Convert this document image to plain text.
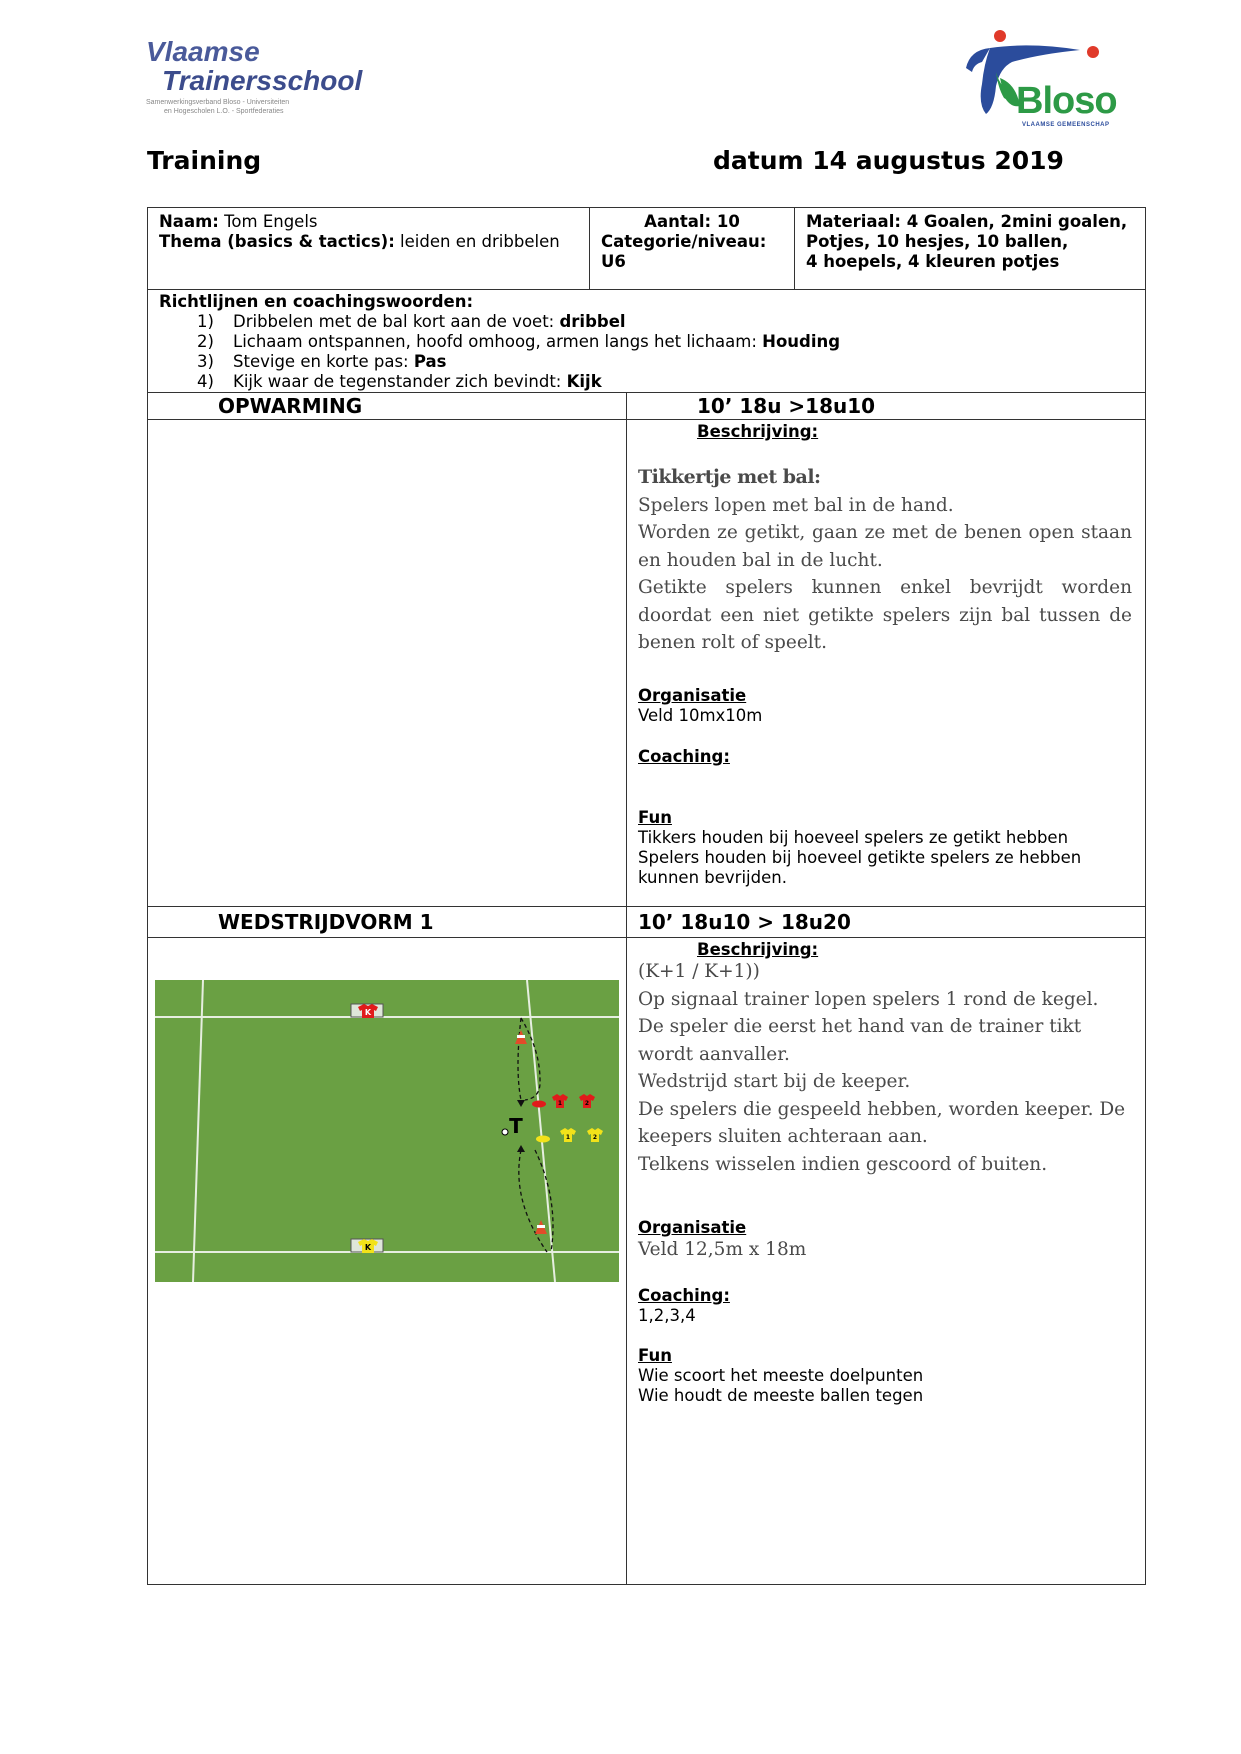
Vlaamse
Trainersschool
Samenwerkingsverband Bloso - Universiteiten
en Hogescholen L.O. - Sportfederaties	Bloso
VLAAMSE GEMEENSCHAP
Training	datum 14 augustus 2019
Naam: Tom Engels
Thema (basics & tactics): leiden en dribbelen

Aantal: 10
Categorie/niveau:
U6

Materiaal: 4 Goalen, 2mini goalen,
Potjes, 10 hesjes, 10 ballen,
4 hoepels, 4 kleuren potjes

Richtlijnen en coachingswoorden:
1)	Dribbelen met de bal kort aan de voet: dribbel
2)	Lichaam ontspannen, hoofd omhoog, armen langs het lichaam: Houding
3)	Stevige en korte pas: Pas
4)	Kijk waar de tegenstander zich bevindt: Kijk
OPWARMING	10’ 18u >18u10
Beschrijving:
Tikkertje met bal:
Spelers lopen met bal in de hand.
Worden ze getikt, gaan ze met de benen open staan en houden bal in de lucht.
Getikte spelers kunnen enkel bevrijdt worden doordat een niet getikte spelers zijn bal tussen de benen rolt of speelt.
Organisatie
Veld 10mx10m
Coaching:
Fun
Tikkers houden bij hoeveel spelers ze getikt hebben
Spelers houden bij hoeveel getikte spelers ze hebben kunnen bevrijden.
WEDSTRIJDVORM 1	10’ 18u10 > 18u20
K
K
T
1	2
1	2
Beschrijving:
(K+1 / K+1))
Op signaal trainer lopen spelers 1 rond de kegel.
De speler die eerst het hand van de trainer tikt wordt aanvaller.
Wedstrijd start bij de keeper.
De spelers die gespeeld hebben, worden keeper. De keepers sluiten achteraan aan.
Telkens wisselen indien gescoord of buiten.
Organisatie
Veld 12,5m x 18m
Coaching:
1,2,3,4
Fun
Wie scoort het meeste doelpunten
Wie houdt de meeste ballen tegen
